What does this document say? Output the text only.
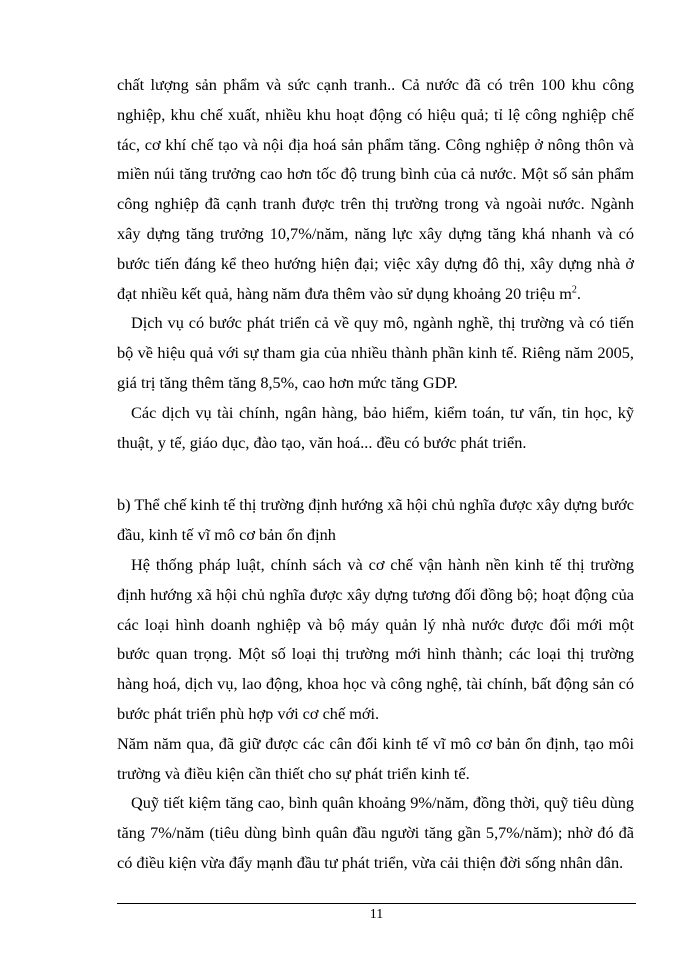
chất lượng sản phẩm và sức cạnh tranh.. Cả nước đã có trên 100 khu công nghiệp, khu chế xuất, nhiều khu hoạt động có hiệu quả; tỉ lệ công nghiệp chế tác, cơ khí chế tạo và nội địa hoá sản phẩm tăng. Công nghiệp ở nông thôn và miền núi tăng trưởng cao hơn tốc độ trung bình của cả nước. Một số sản phẩm công nghiệp đã cạnh tranh được trên thị trường trong và ngoài nước. Ngành xây dựng tăng trưởng 10,7%/năm, năng lực xây dựng tăng khá nhanh và có bước tiến đáng kể theo hướng hiện đại; việc xây dựng đô thị, xây dựng nhà ở đạt nhiều kết quả, hàng năm đưa thêm vào sử dụng khoảng 20 triệu $m^2$.

Dịch vụ có bước phát triển cả về quy mô, ngành nghề, thị trường và có tiến bộ về hiệu quả với sự tham gia của nhiều thành phần kinh tế. Riêng năm 2005, giá trị tăng thêm tăng 8,5%, cao hơn mức tăng GDP.

Các dịch vụ tài chính, ngân hàng, bảo hiểm, kiểm toán, tư vấn, tin học, kỹ thuật, y tế, giáo dục, đào tạo, văn hoá... đều có bước phát triển.

b) Thể chế kinh tế thị trường định hướng xã hội chủ nghĩa được xây dựng bước đầu, kinh tế vĩ mô cơ bản ổn định

Hệ thống pháp luật, chính sách và cơ chế vận hành nền kinh tế thị trường định hướng xã hội chủ nghĩa được xây dựng tương đối đồng bộ; hoạt động của các loại hình doanh nghiệp và bộ máy quản lý nhà nước được đổi mới một bước quan trọng. Một số loại thị trường mới hình thành; các loại thị trường hàng hoá, dịch vụ, lao động, khoa học và công nghệ, tài chính, bất động sản có bước phát triển phù hợp với cơ chế mới.

Năm năm qua, đã giữ được các cân đối kinh tế vĩ mô cơ bản ổn định, tạo môi trường và điều kiện cần thiết cho sự phát triển kinh tế.

Quỹ tiết kiệm tăng cao, bình quân khoảng 9%/năm, đồng thời, quỹ tiêu dùng tăng 7%/năm (tiêu dùng bình quân đầu người tăng gần 5,7%/năm); nhờ đó đã có điều kiện vừa đẩy mạnh đầu tư phát triển, vừa cải thiện đời sống nhân dân.

11
